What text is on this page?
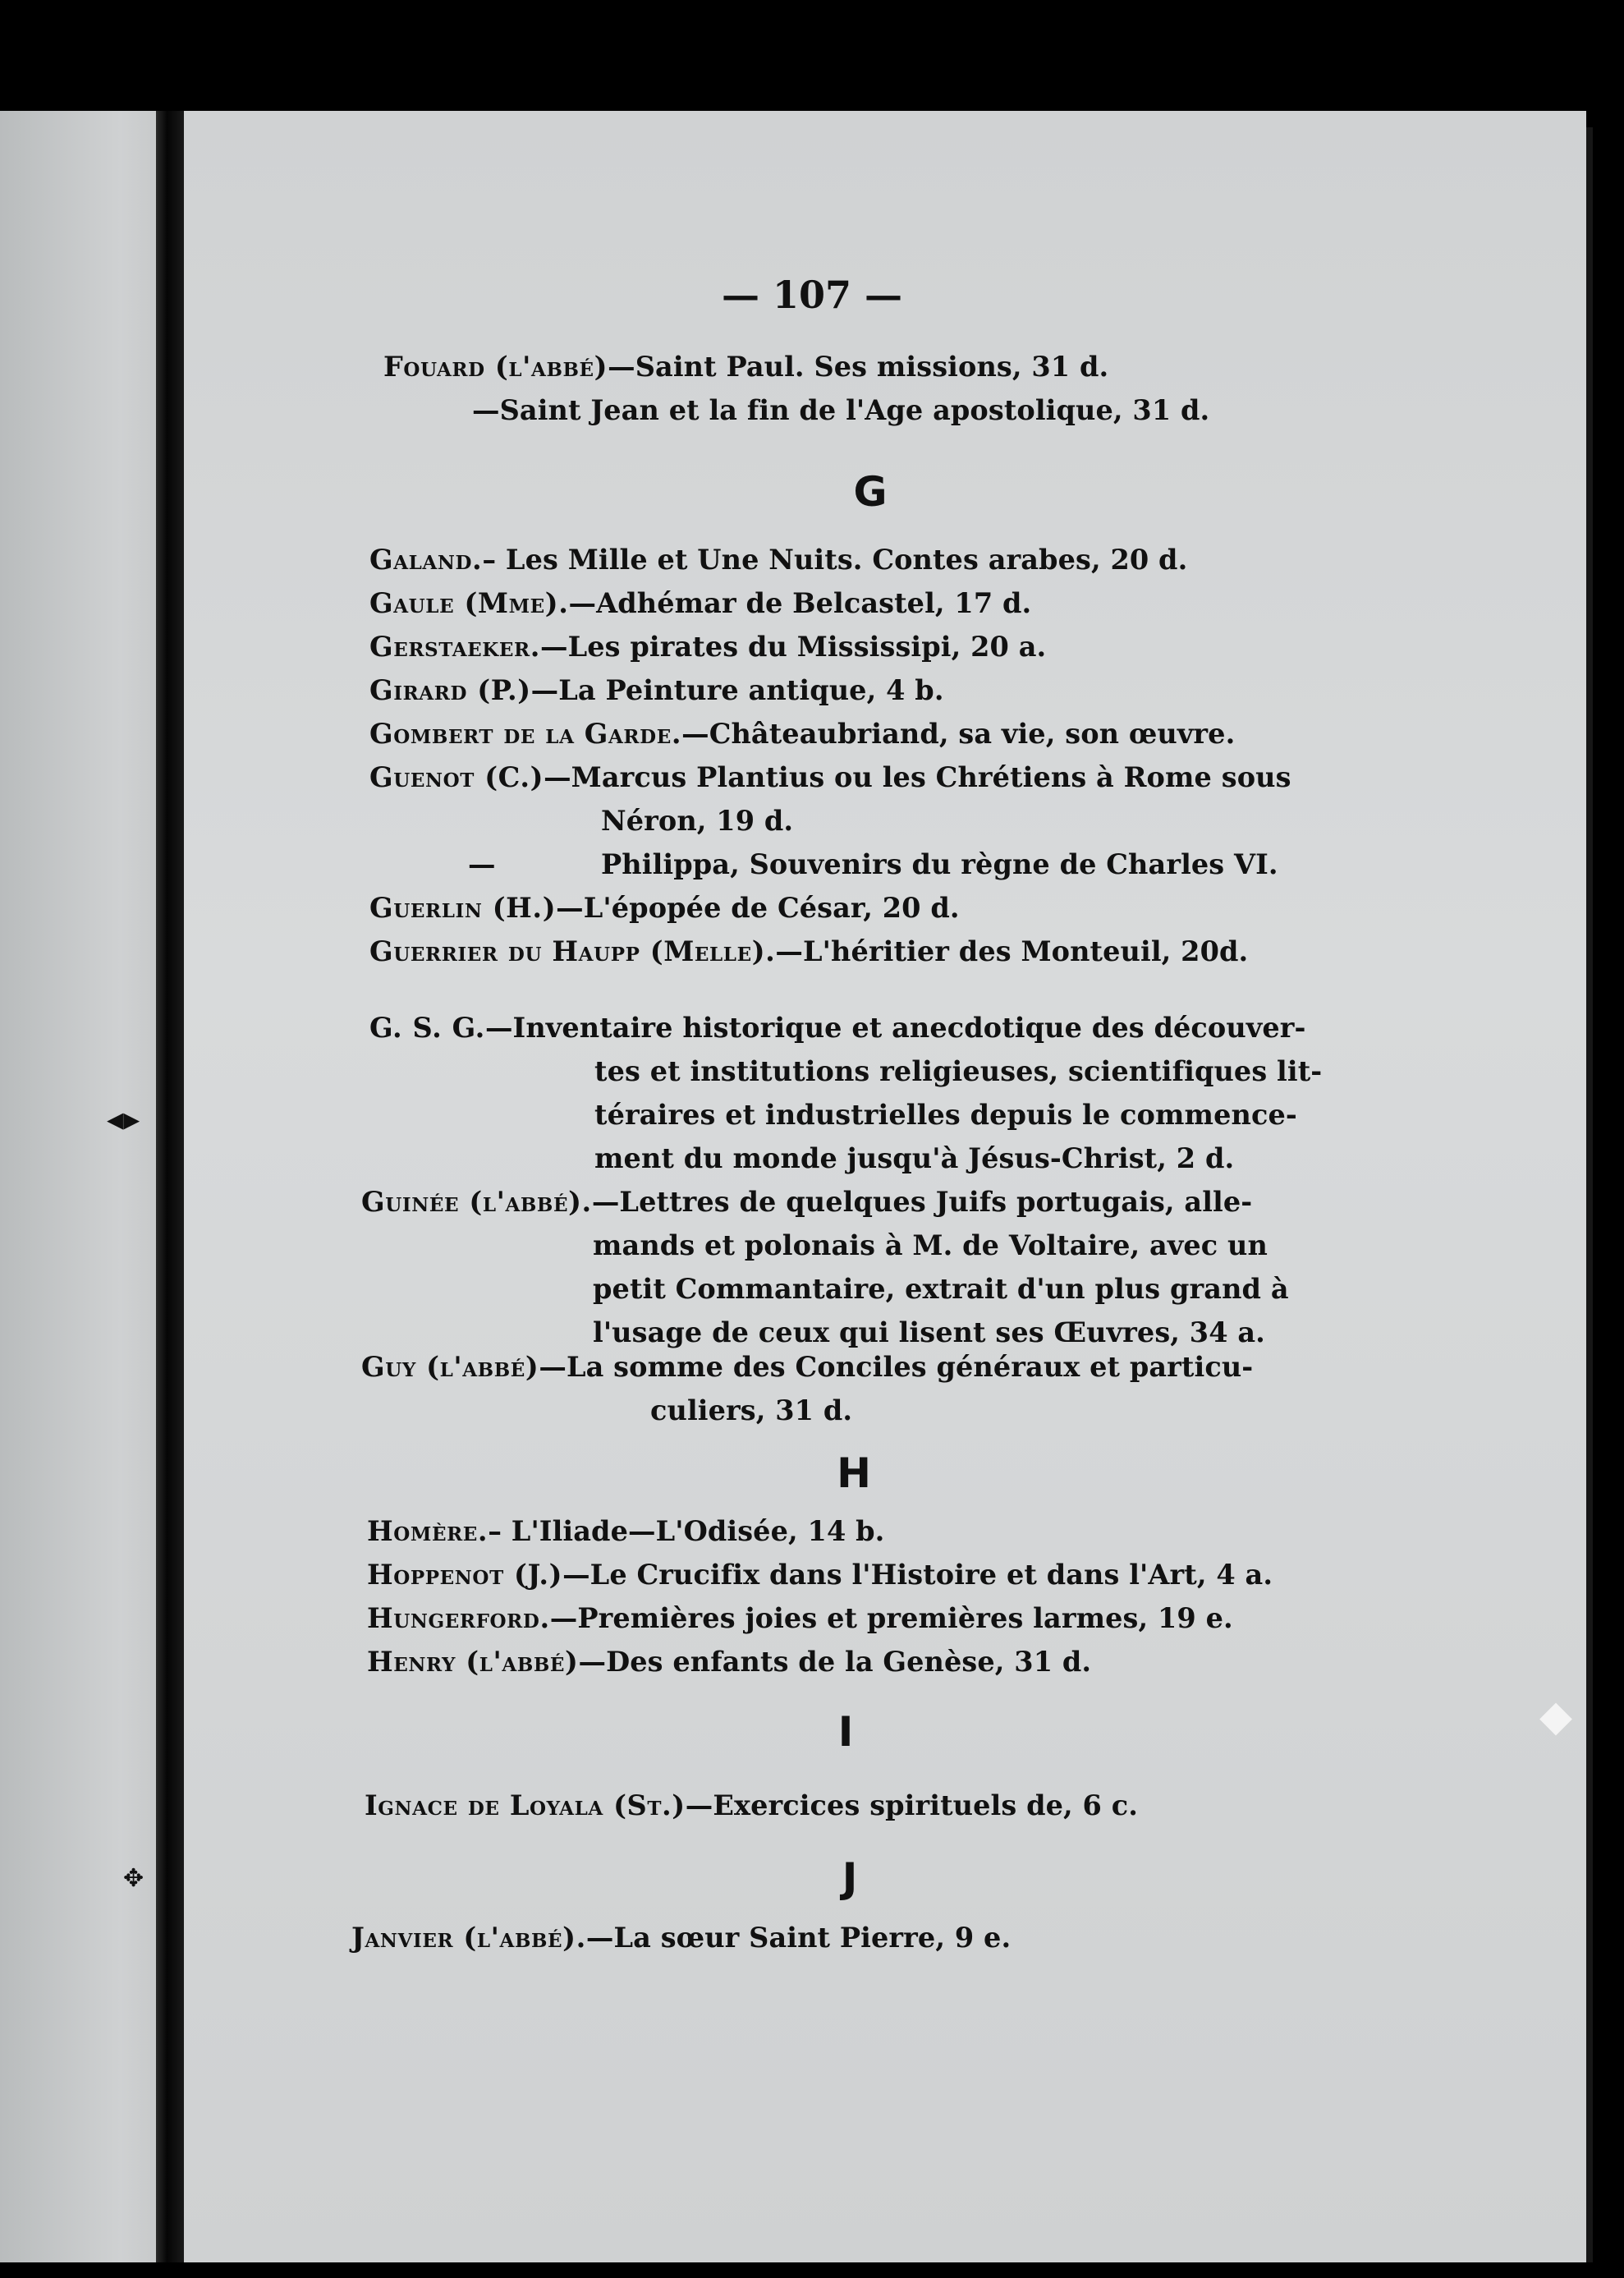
◂▸
✥
◆
— 107 —
Fouard (l'abbé)—Saint Paul. Ses missions, 31 d.
—Saint Jean et la fin de l'Age apostolique, 31 d.
G
Galand.– Les Mille et Une Nuits. Contes arabes, 20 d.
Gaule (Mme).—Adhémar de Belcastel, 17 d.
Gerstaeker.—Les pirates du Mississipi, 20 a.
Girard (P.)—La Peinture antique, 4 b.
Gombert de la Garde.—Châteaubriand, sa vie, son œuvre.
Guenot (C.)—Marcus Plantius ou les Chrétiens à Rome sous
Néron, 19 d.
—	Philippa, Souvenirs du règne de Charles VI.
Guerlin (H.)—L'épopée de César, 20 d.
Guerrier du Haupp (Melle).—L'héritier des Monteuil, 20d.
G. S. G.—Inventaire historique et anecdotique des découver-
tes et institutions religieuses, scientifiques lit-
téraires et industrielles depuis le commence-
ment du monde jusqu'à Jésus-Christ, 2 d.
Guinée (l'abbé).—Lettres de quelques Juifs portugais, alle-
mands et polonais à M. de Voltaire, avec un
petit Commantaire, extrait d'un plus grand à
l'usage de ceux qui lisent ses Œuvres, 34 a.
Guy (l'abbé)—La somme des Conciles généraux et particu-
culiers, 31 d.
H
Homère.– L'Iliade—L'Odisée, 14 b.
Hoppenot (J.)—Le Crucifix dans l'Histoire et dans l'Art, 4 a.
Hungerford.—Premières joies et premières larmes, 19 e.
Henry (l'abbé)—Des enfants de la Genèse, 31 d.
I
Ignace de Loyala (St.)—Exercices spirituels de, 6 c.
J
Janvier (l'abbé).—La sœur Saint Pierre, 9 e.
